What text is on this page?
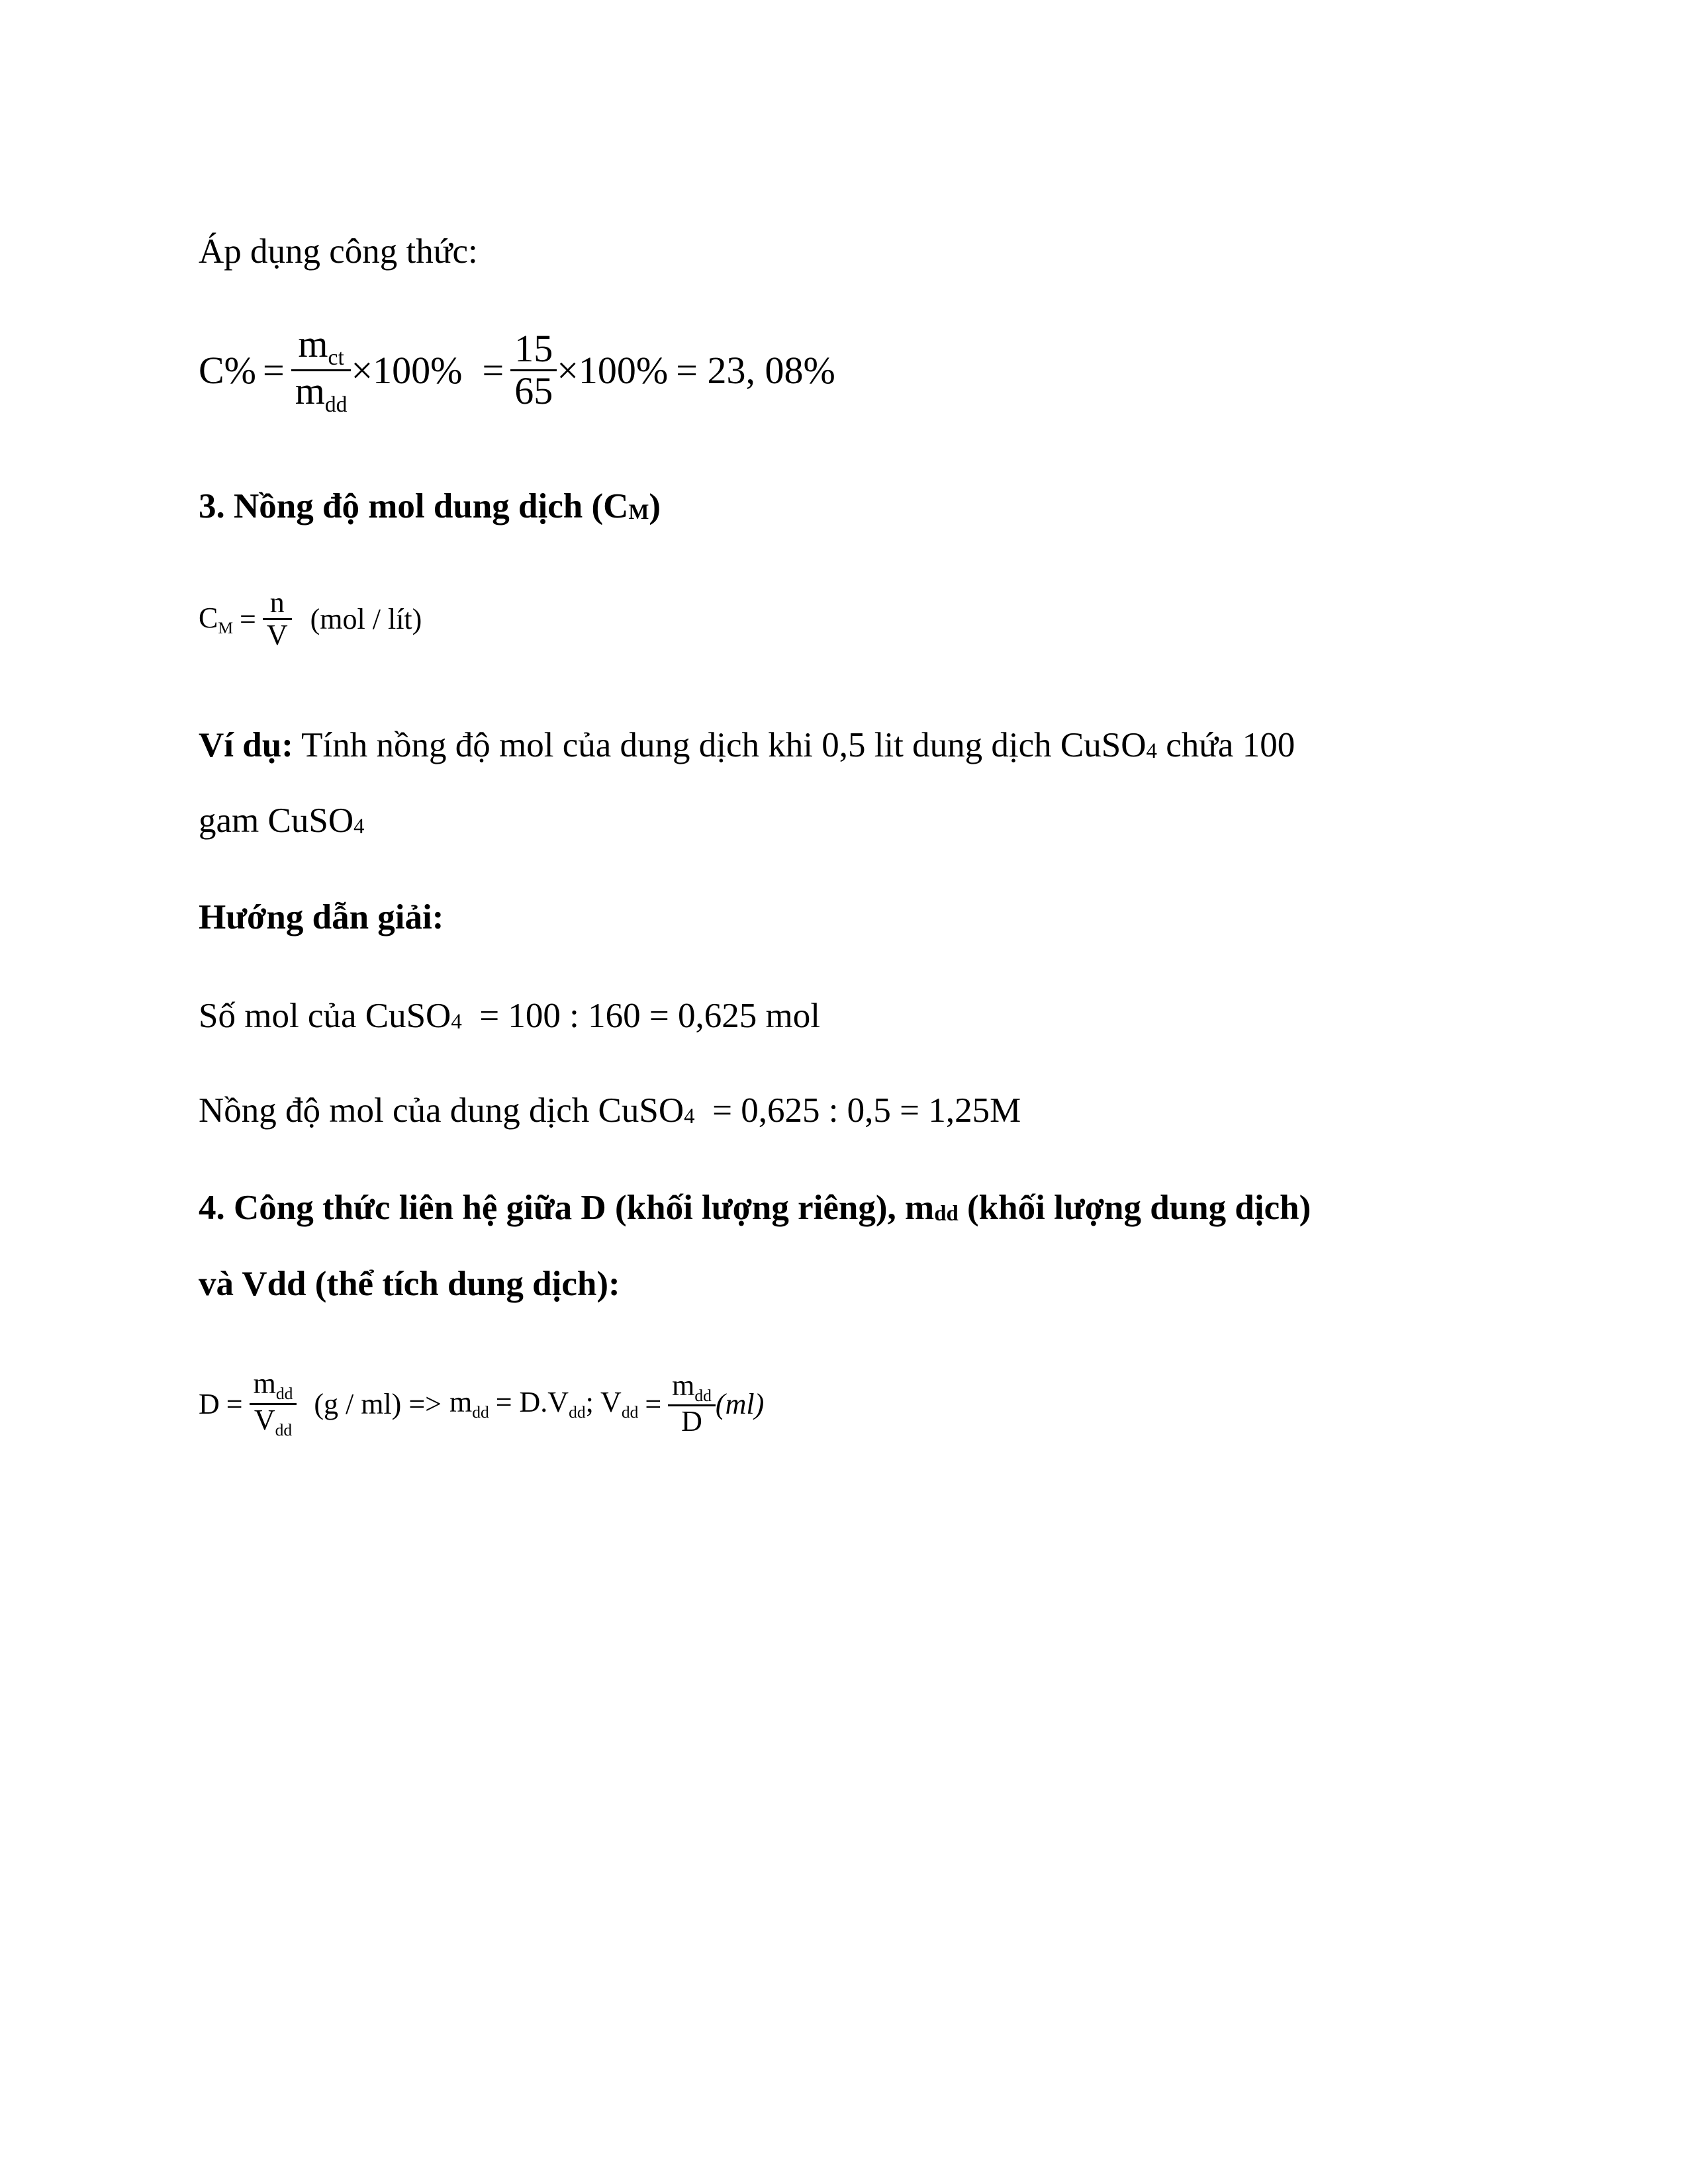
Áp dụng công thức:
$C\% = \frac{m_{ct}}{m_{dd}} \times 100\% = \frac{15}{65} \times 100\% = 23$, 08%
3. Nồng độ mol dung dịch (CM)
$C_M = \frac{n}{V} (mol$ / lít)
Ví dụ: Tính nồng độ mol của dung dịch khi 0,5 lit dung dịch CuSO4 chứa 100
gam CuSO4
Hướng dẫn giải:
Số mol của CuSO4  = 100 : 160 = 0,625 mol
Nồng độ mol của dung dịch CuSO4  = 0,625 : 0,5 = 1,25M
4. Công thức liên hệ giữa D (khối lượng riêng), mdd (khối lượng dung dịch)
và Vdd (thể tích dung dịch):
$D = \frac{m_{dd}}{V_{dd}} (g / ml) => m_{dd} = D.V_{dd}$ ; $V_{dd} = \frac{m_{dd}}{D} (ml)$
